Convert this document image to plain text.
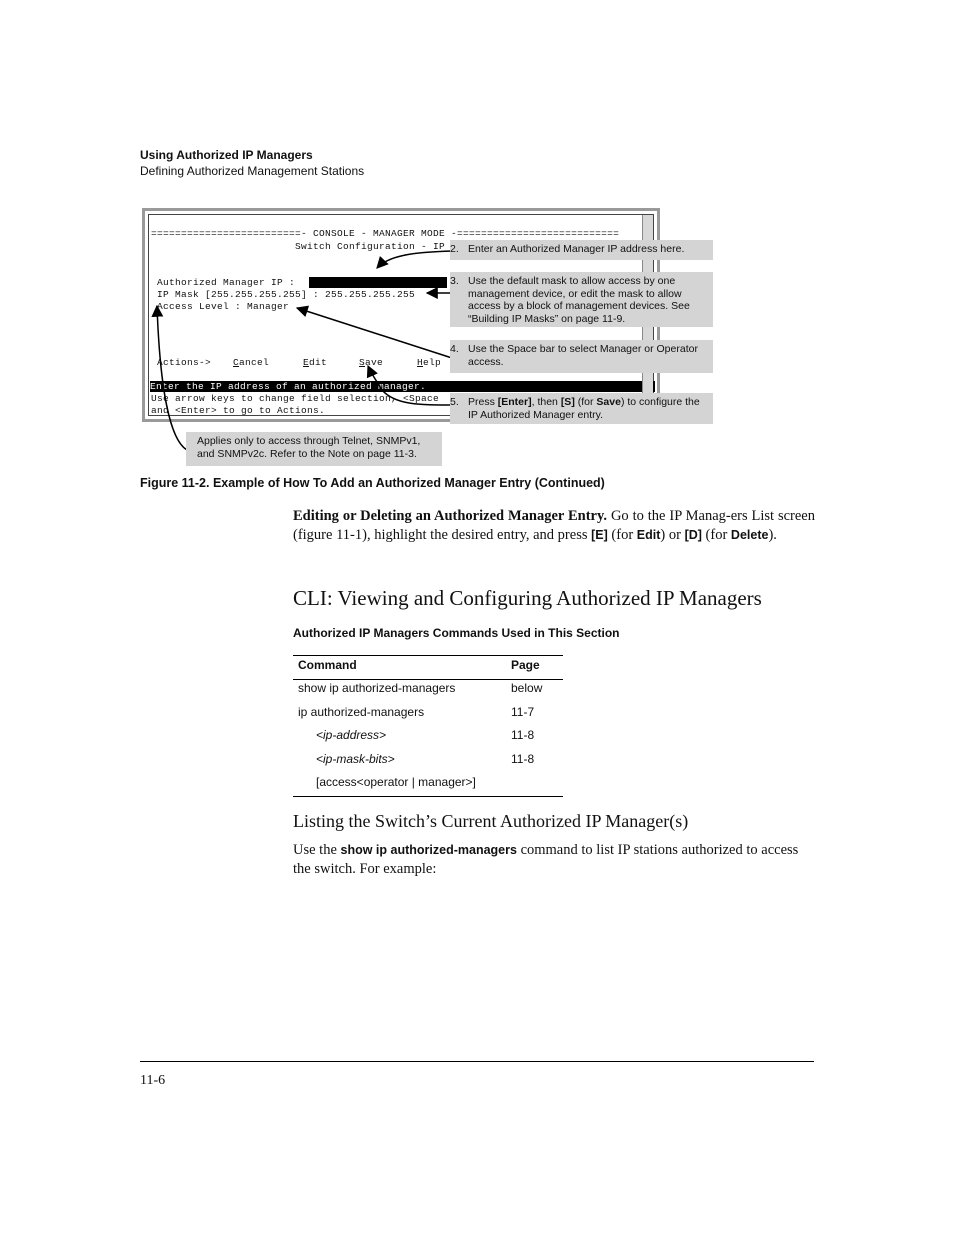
Using Authorized IP Managers
Defining Authorized Management Stations
=========================- CONSOLE - MANAGER MODE -===========================
Switch Configuration - IP
Authorized Manager IP :
IP Mask [255.255.255.255] : 255.255.255.255
Access Level : Manager
Actions-> Cancel	Edit	Save	Help
Enter the IP address of an authorized manager.
Use arrow keys to change field selection, <Space
and <Enter> to go to Actions.
2. Enter an Authorized Manager IP address here.
3. Use the default mask to allow access by one management device, or edit the mask to allow access by a block of management devices. See “Building IP Masks” on page 11-9.
4. Use the Space bar to select Manager or Operator access.
5. Press [Enter], then [S] (for Save) to configure the IP Authorized Manager entry.
Applies only to access through Telnet, SNMPv1, and SNMPv2c. Refer to the Note on page 11-3.
Figure 11-2. Example of How To Add an Authorized Manager Entry (Continued)
Editing or Deleting an Authorized Manager Entry. Go to the IP Manag-ers List screen (figure 11-1), highlight the desired entry, and press [E] (for Edit) or [D] (for Delete).
CLI: Viewing and Configuring Authorized IP Managers
Authorized IP Managers Commands Used in This Section
Command	Page
show ip authorized-managers	below
ip authorized-managers	11-7
<ip-address>	11-8
<ip-mask-bits>	11-8
[access<operator | manager>]
Listing the Switch’s Current Authorized IP Manager(s)
Use the show ip authorized-managers command to list IP stations authorized to access the switch. For example:
11-6
